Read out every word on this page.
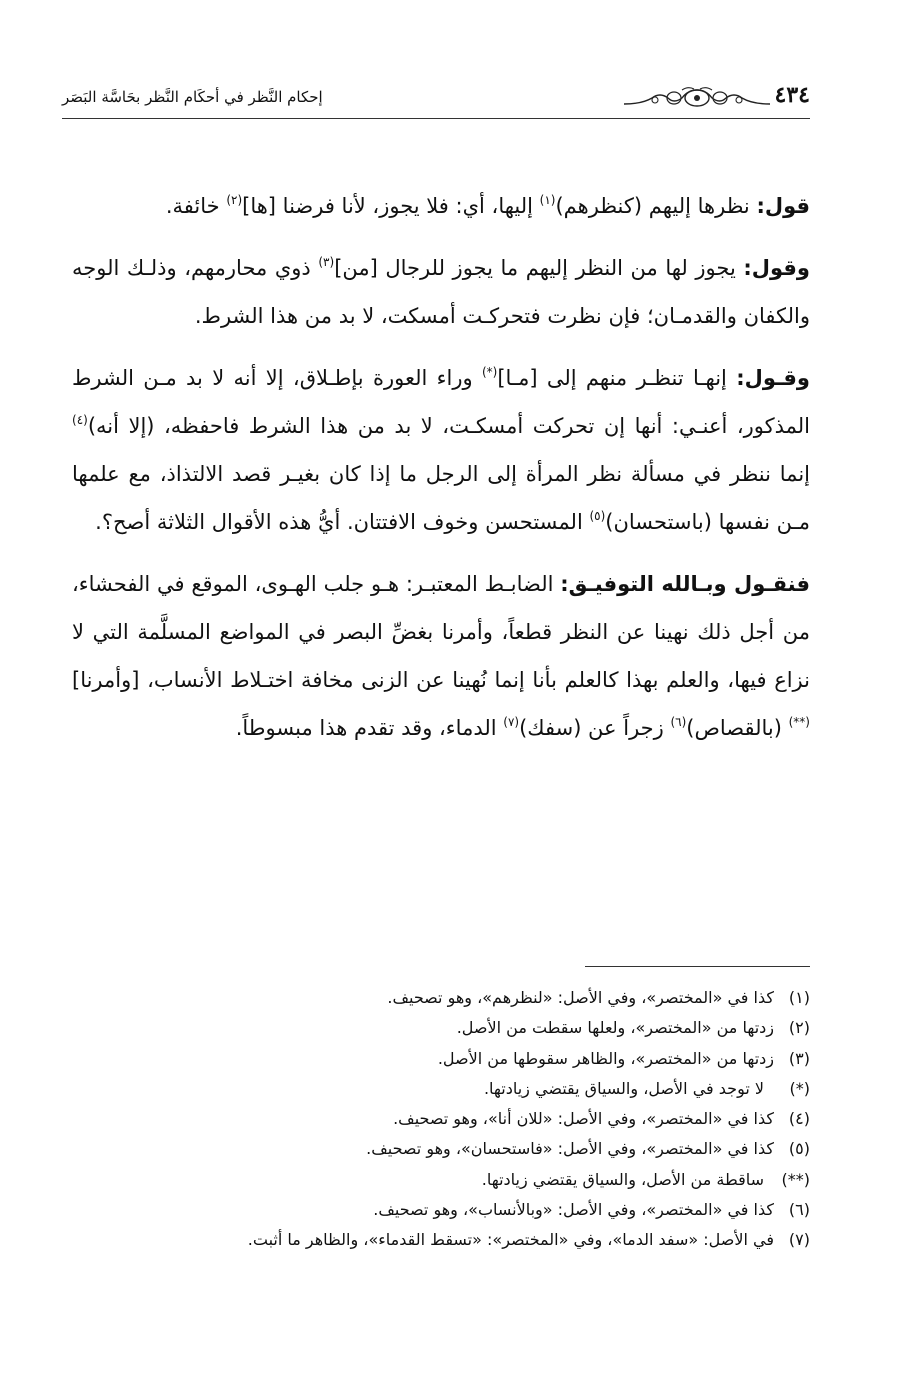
٤٣٤
إحكام النَّظر في أحكَام النَّظر بحَاسَّة البَصَر

قول: نظرها إليهم (كنظرهم)$^{(١)}$ إليها، أي: فلا يجوز، لأنا فرضنا [ها]$^{(٢)}$ خائفة.

وقول: يجوز لها من النظر إليهم ما يجوز للرجال [من]$^{(٣)}$ ذوي محارمهم، وذلـك الوجه والكفان والقدمـان؛ فإن نظرت فتحركـت أمسكت، لا بد من هذا الشرط.

وقـول: إنهـا تنظـر منهم إلى [مـا](*) وراء العورة بإطـلاق، إلا أنه لا بد مـن الشرط المذكور، أعنـي: أنها إن تحركت أمسكـت، لا بد من هذا الشرط فاحفظه، (إلا أنه)$^{(٤)}$ إنما ننظر في مسألة نظر المرأة إلى الرجل ما إذا كان بغيـر قصد الالتذاذ، مع علمها مـن نفسها (باستحسان)$^{(٥)}$ المستحسن وخوف الافتتان. أيُّ هذه الأقوال الثلاثة أصح؟.

فنقـول وبـالله التوفيـق: الضابـط المعتبـر: هـو جلب الهـوى، الموقع في الفحشاء، من أجل ذلك نهينا عن النظر قطعاً، وأمرنا بغضِّ البصر في المواضع المسلَّمة التي لا نزاع فيها، والعلم بهذا كالعلم بأنا إنما نُهينا عن الزنى مخافة اختـلاط الأنساب، [وأمرنا](**) (بالقصاص)$^{(٦)}$ زجراً عن (سفك)$^{(٧)}$ الدماء، وقد تقدم هذا مبسوطاً.

(١)
كذا في «المختصر»، وفي الأصل: «لنظرهم»، وهو تصحيف.
(٢)
زدتها من «المختصر»، ولعلها سقطت من الأصل.
(٣)
زدتها من «المختصر»، والظاهر سقوطها من الأصل.
(*)
لا توجد في الأصل، والسياق يقتضي زيادتها.
(٤)
كذا في «المختصر»، وفي الأصل: «للان أنا»، وهو تصحيف.
(٥)
كذا في «المختصر»، وفي الأصل: «فاستحسان»، وهو تصحيف.
(**)
ساقطة من الأصل، والسياق يقتضي زيادتها.
(٦)
كذا في «المختصر»، وفي الأصل: «وبالأنساب»، وهو تصحيف.
(٧)
في الأصل: «سفد الدما»، وفي «المختصر»: «تسقط القدماء»، والظاهر ما أثبت.
